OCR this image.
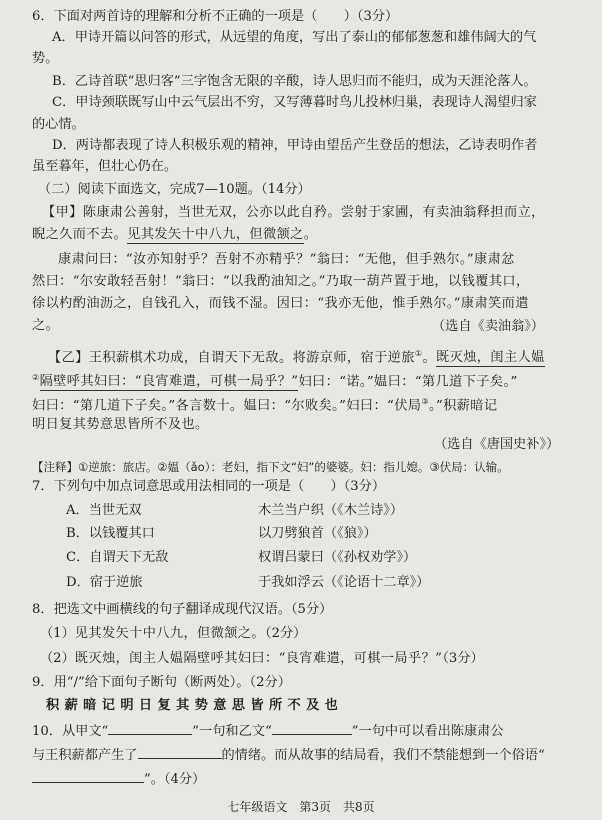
6．下面对两首诗的理解和分析不正确的一项是（　　）（3分）
A．甲诗开篇以问答的形式，从远望的角度，写出了泰山的郁郁葱葱和雄伟阔大的气
势。
B．乙诗首联“思归客”三字饱含无限的辛酸，诗人思归而不能归，成为天涯沦落人。
C．甲诗颈联既写山中云气层出不穷，又写薄暮时鸟儿投林归巢，表现诗人渴望归家
的心情。
D．两诗都表现了诗人积极乐观的精神，甲诗由望岳产生登岳的想法，乙诗表明作者
虽至暮年，但壮心仍在。
（二）阅读下面选文，完成7—10题。（14分）
【甲】陈康肃公善射，当世无双，公亦以此自矜。尝射于家圃，有卖油翁释担而立，
睨之久而不去。见其发矢十中八九，但微颔之。
康肃问曰：“汝亦知射乎？吾射不亦精乎？”翁曰：“无他，但手熟尔。”康肃忿
然曰：“尔安敢轻吾射！”翁曰：“以我酌油知之。”乃取一葫芦置于地，以钱覆其口，
徐以杓酌油沥之，自钱孔入，而钱不湿。因曰：“我亦无他，惟手熟尔。”康肃笑而遣
之。	（选自《卖油翁》）
【乙】王积薪棋术功成，自谓天下无敌。将游京师，宿于逆旅①。既灭烛，闺主人媪
②隔壁呼其妇曰：“良宵难遣，可棋一局乎？”妇曰：“诺。”媪曰：“第几道下子矣。”
妇曰：“第几道下子矣。”各言数十。媪曰：“尔败矣。”妇曰：“伏局③。”积薪暗记
明日复其势意思皆所不及也。
（选自《唐国史补》）
【注释】①逆旅：旅店。②媪（ǎo）：老妇，指下文“妇”的婆婆。妇：指儿媳。③伏局：认输。
7．下列句中加点词意思或用法相同的一项是（　　）（3分）
A．当世无双	木兰当户织（《木兰诗》）
B．以钱覆其口	以刀劈狼首（《狼》）
C．自谓天下无敌	权谓吕蒙曰（《孙权劝学》）
D．宿于逆旅	于我如浮云（《论语十二章》）
8．把选文中画横线的句子翻译成现代汉语。（5分）
（1）见其发矢十中八九，但微颔之。（2分）
（2）既灭烛，闺主人媪隔壁呼其妇曰：“良宵难遣，可棋一局乎？”（3分）
9．用“/”给下面句子断句（断两处）。（2分）
积 薪 暗 记 明 日 复 其 势 意 思 皆 所 不 及 也
10．从甲文“	”一句和乙文“	”一句中可以看出陈康肃公
与王积薪都产生了	的情绪。而从故事的结局看，我们不禁能想到一个俗语“
”。（4分）
七年级语文　第3页　共8页
